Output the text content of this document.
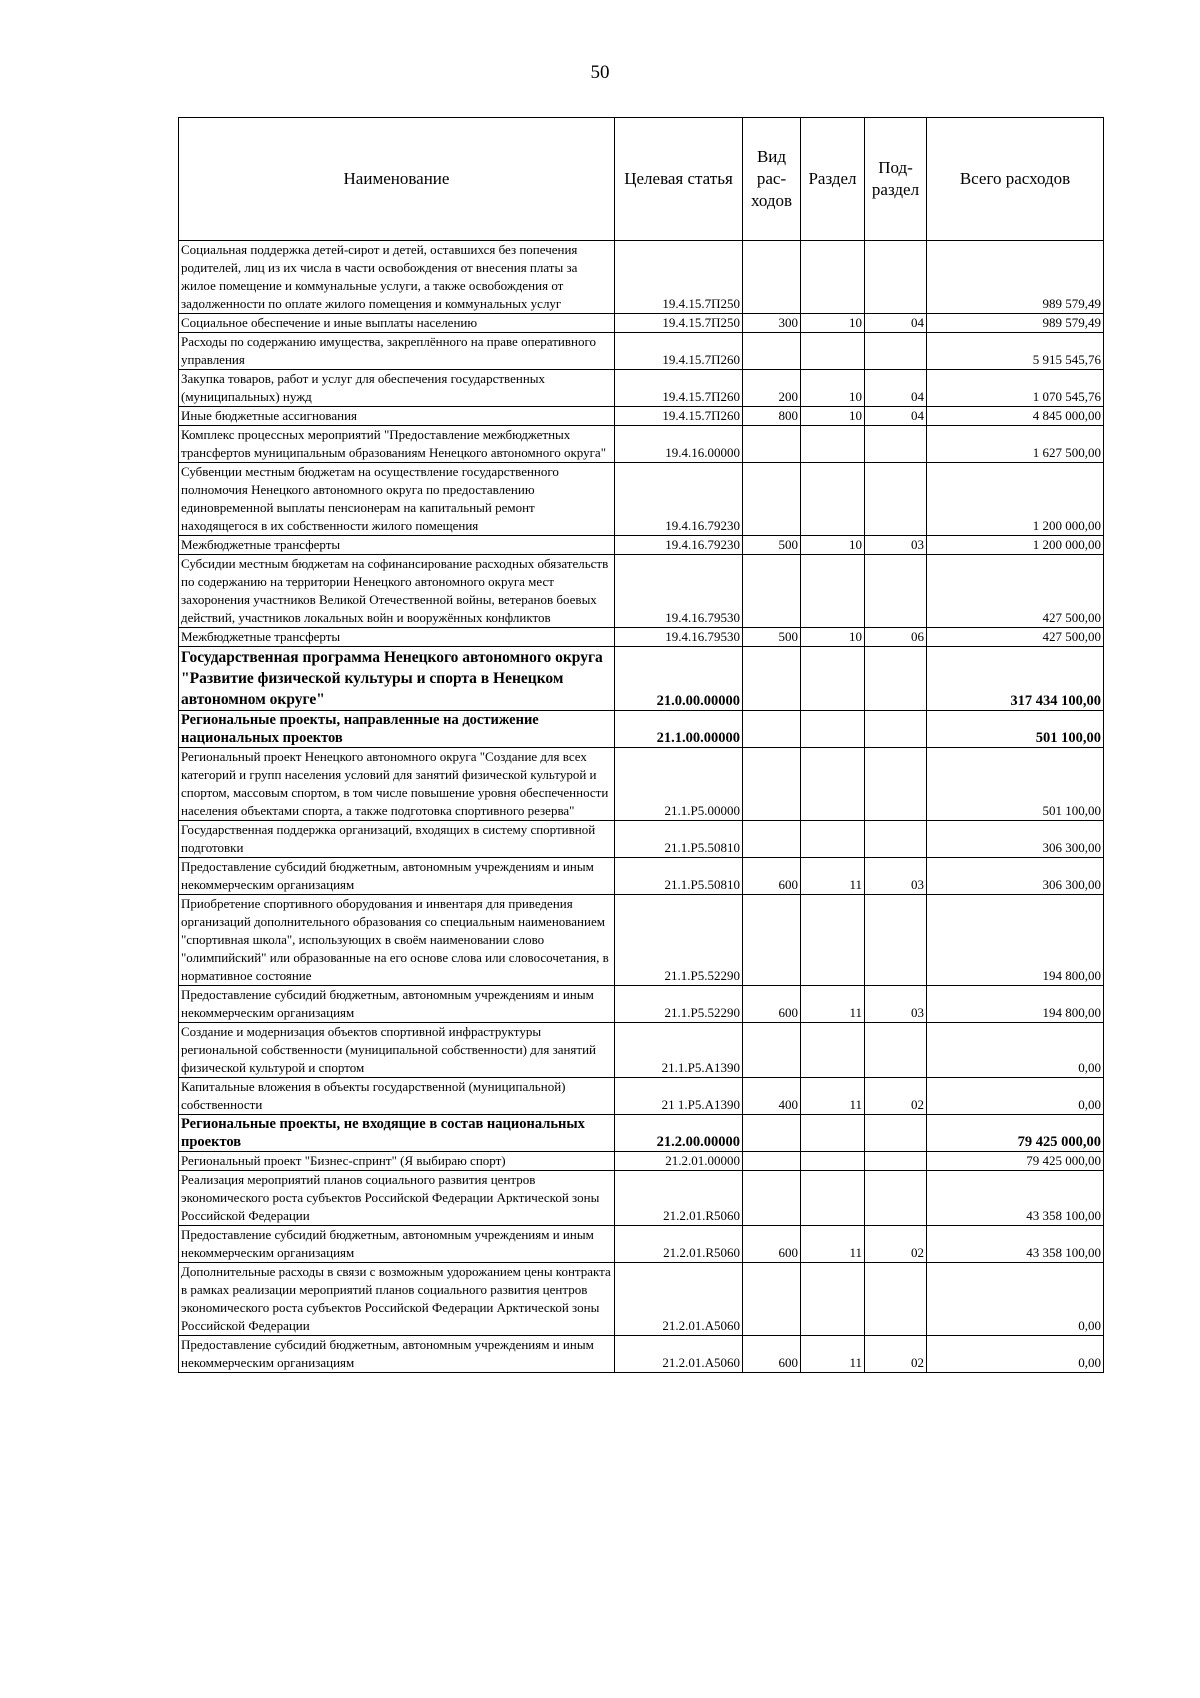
50
Наименование	Целевая статья	Вид рас-ходов	Раздел	Под-раздел	Всего расходов
Социальная поддержка детей-сирот и детей, оставшихся без попечения родителей, лиц из их числа в части освобождения от внесения платы за жилое помещение и коммунальные услуги, а также освобождения от задолженности по оплате жилого помещения и коммунальных услуг	19.4.15.7П250				989 579,49
Социальное обеспечение и иные выплаты населению	19.4.15.7П250	300	10	04	989 579,49
Расходы по содержанию имущества, закреплённого на праве оперативного управления	19.4.15.7П260				5 915 545,76
Закупка товаров, работ и услуг для обеспечения государственных (муниципальных) нужд	19.4.15.7П260	200	10	04	1 070 545,76
Иные бюджетные ассигнования	19.4.15.7П260	800	10	04	4 845 000,00
Комплекс процессных мероприятий "Предоставление межбюджетных трансфертов муниципальным образованиям Ненецкого автономного округа"	19.4.16.00000				1 627 500,00
Субвенции местным бюджетам на осуществление государственного полномочия Ненецкого автономного округа по предоставлению единовременной выплаты пенсионерам на капитальный ремонт находящегося в их собственности жилого помещения	19.4.16.79230				1 200 000,00
Межбюджетные трансферты	19.4.16.79230	500	10	03	1 200 000,00
Субсидии местным бюджетам на софинансирование расходных обязательств по содержанию на территории Ненецкого автономного округа мест захоронения участников Великой Отечественной войны, ветеранов боевых действий, участников локальных войн и вооружённых конфликтов	19.4.16.79530				427 500,00
Межбюджетные трансферты	19.4.16.79530	500	10	06	427 500,00
Государственная программа Ненецкого автономного округа "Развитие физической культуры и спорта в Ненецком автономном округе"	21.0.00.00000				317 434 100,00
Региональные проекты, направленные на достижение национальных проектов	21.1.00.00000				501 100,00
Региональный проект Ненецкого автономного округа "Создание для всех категорий и групп населения условий для занятий физической культурой и спортом, массовым спортом, в том числе повышение уровня обеспеченности населения объектами спорта, а также подготовка спортивного резерва"	21.1.P5.00000				501 100,00
Государственная поддержка организаций, входящих в систему спортивной подготовки	21.1.P5.50810				306 300,00
Предоставление субсидий бюджетным, автономным учреждениям и иным некоммерческим организациям	21.1.P5.50810	600	11	03	306 300,00
Приобретение спортивного оборудования и инвентаря для приведения организаций дополнительного образования со специальным наименованием "спортивная школа", использующих в своём наименовании слово "олимпийский" или образованные на его основе слова или словосочетания, в нормативное состояние	21.1.P5.52290				194 800,00
Предоставление субсидий бюджетным, автономным учреждениям и иным некоммерческим организациям	21.1.P5.52290	600	11	03	194 800,00
Создание и модернизация объектов спортивной инфраструктуры региональной собственности (муниципальной собственности) для занятий физической культурой и спортом	21.1.P5.A1390				0,00
Капитальные вложения в объекты государственной (муниципальной) собственности	21 1.P5.A1390	400	11	02	0,00
Региональные проекты, не входящие в состав национальных проектов	21.2.00.00000				79 425 000,00
Региональный проект "Бизнес-спринт" (Я выбираю спорт)	21.2.01.00000				79 425 000,00
Реализация мероприятий планов социального развития центров экономического роста субъектов Российской Федерации Арктической зоны Российской Федерации	21.2.01.R5060				43 358 100,00
Предоставление субсидий бюджетным, автономным учреждениям и иным некоммерческим организациям	21.2.01.R5060	600	11	02	43 358 100,00
Дополнительные расходы в связи с возможным удорожанием цены контракта в рамках реализации мероприятий планов социального развития центров экономического роста субъектов Российской Федерации Арктической зоны Российской Федерации	21.2.01.A5060				0,00
Предоставление субсидий бюджетным, автономным учреждениям и иным некоммерческим организациям	21.2.01.A5060	600	11	02	0,00
